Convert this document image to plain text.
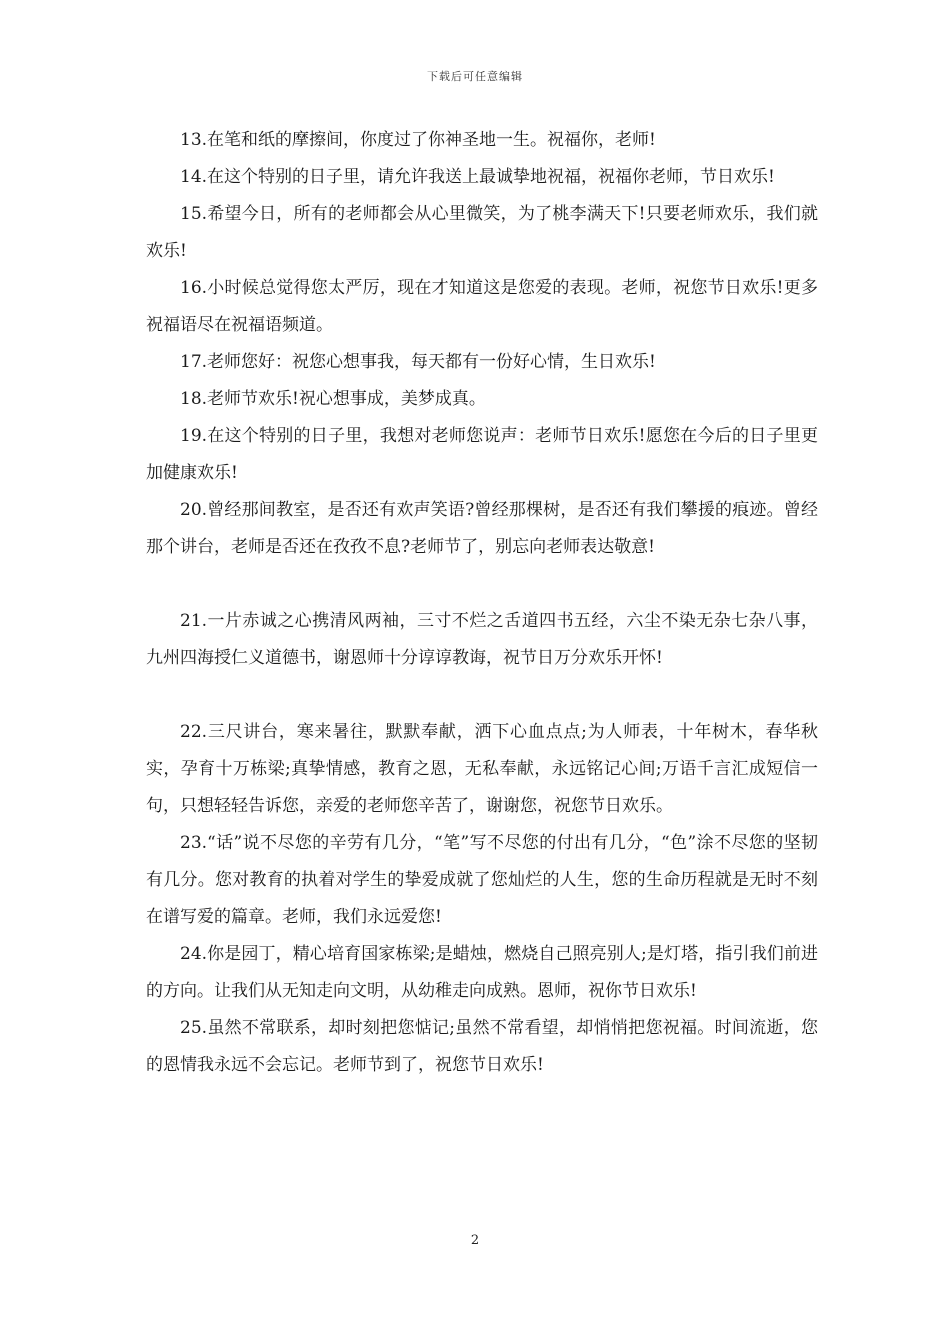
下载后可任意编辑

13.在笔和纸的摩擦间，你度过了你神圣地一生。祝福你，老师!

14.在这个特别的日子里，请允许我送上最诚挚地祝福，祝福你老师，节日欢乐!

15.希望今日，所有的老师都会从心里微笑，为了桃李满天下!只要老师欢乐，我们就欢乐!

16.小时候总觉得您太严厉，现在才知道这是您爱的表现。老师，祝您节日欢乐!更多祝福语尽在祝福语频道。

17.老师您好：祝您心想事我，每天都有一份好心情，生日欢乐!

18.老师节欢乐!祝心想事成，美梦成真。

19.在这个特别的日子里，我想对老师您说声：老师节日欢乐!愿您在今后的日子里更加健康欢乐!

20.曾经那间教室，是否还有欢声笑语?曾经那棵树，是否还有我们攀援的痕迹。曾经那个讲台，老师是否还在孜孜不息?老师节了，别忘向老师表达敬意!

21.一片赤诚之心携清风两袖，三寸不烂之舌道四书五经，六尘不染无杂七杂八事，九州四海授仁义道德书，谢恩师十分谆谆教诲，祝节日万分欢乐开怀!

22.三尺讲台，寒来暑往，默默奉献，洒下心血点点;为人师表，十年树木，春华秋实，孕育十万栋梁;真挚情感，教育之恩，无私奉献，永远铭记心间;万语千言汇成短信一句，只想轻轻告诉您，亲爱的老师您辛苦了，谢谢您，祝您节日欢乐。

23.“话”说不尽您的辛劳有几分，“笔”写不尽您的付出有几分，“色”涂不尽您的坚韧有几分。您对教育的执着对学生的挚爱成就了您灿烂的人生，您的生命历程就是无时不刻在谱写爱的篇章。老师，我们永远爱您!

24.你是园丁，精心培育国家栋梁;是蜡烛，燃烧自己照亮别人;是灯塔，指引我们前进的方向。让我们从无知走向文明，从幼稚走向成熟。恩师，祝你节日欢乐!

25.虽然不常联系，却时刻把您惦记;虽然不常看望，却悄悄把您祝福。时间流逝，您的恩情我永远不会忘记。老师节到了，祝您节日欢乐!

2
